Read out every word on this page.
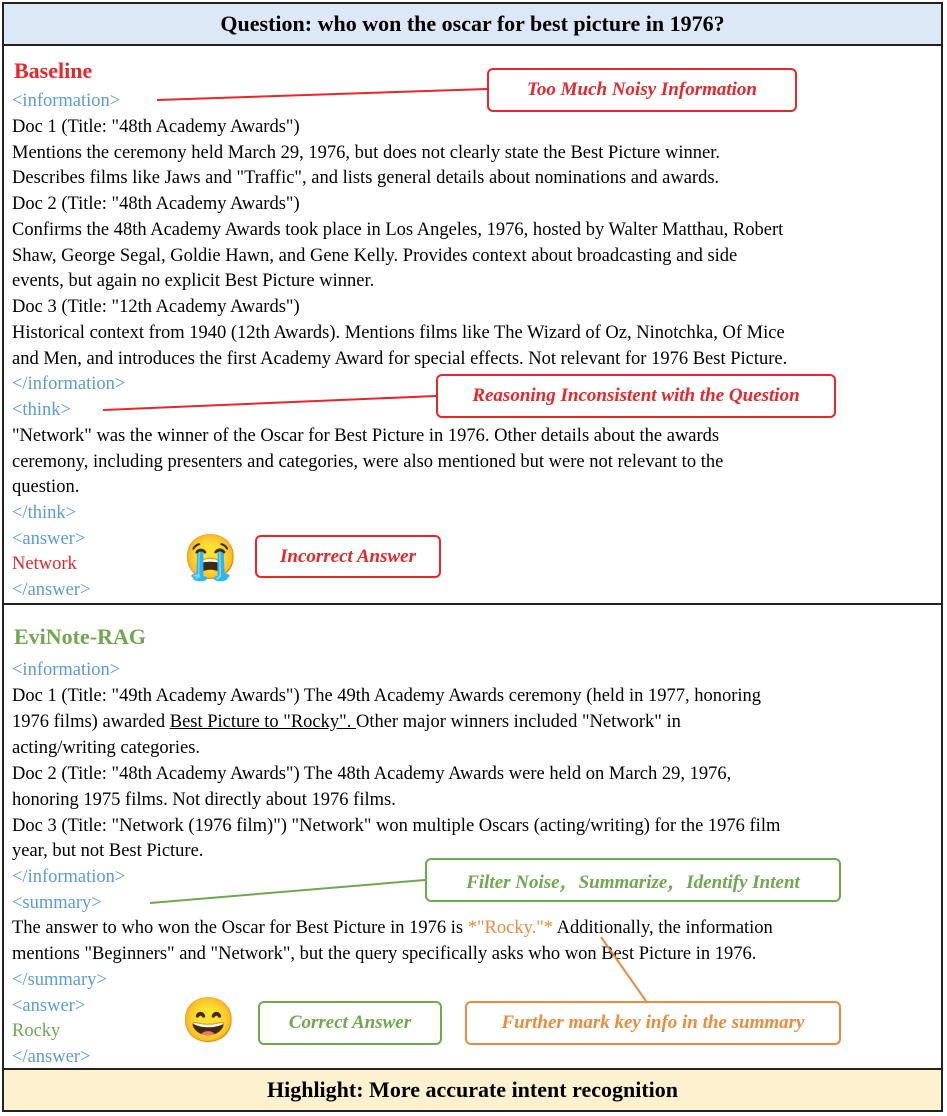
Question: who won the oscar for best picture in 1976?
Baseline
<information>
Doc 1 (Title: "48th Academy Awards")
Mentions the ceremony held March 29, 1976, but does not clearly state the Best Picture winner.
Describes films like Jaws and "Traffic", and lists general details about nominations and awards.
Doc 2 (Title: "48th Academy Awards")
Confirms the 48th Academy Awards took place in Los Angeles, 1976, hosted by Walter Matthau, Robert
Shaw, George Segal, Goldie Hawn, and Gene Kelly. Provides context about broadcasting and side
events, but again no explicit Best Picture winner.
Doc 3 (Title: "12th Academy Awards")
Historical context from 1940 (12th Awards). Mentions films like The Wizard of Oz, Ninotchka, Of Mice
and Men, and introduces the first Academy Award for special effects. Not relevant for 1976 Best Picture.
</information>
<think>
"Network" was the winner of the Oscar for Best Picture in 1976. Other details about the awards
ceremony, including presenters and categories, were also mentioned but were not relevant to the
question.
</think>
<answer>
Network
</answer>
Too Much Noisy Information
Reasoning Inconsistent with the Question
Incorrect Answer
😭
EviNote-RAG
<information>
Doc 1 (Title: "49th Academy Awards") The 49th Academy Awards ceremony (held in 1977, honoring
1976 films) awarded Best Picture to "Rocky". Other major winners included "Network" in
acting/writing categories.
Doc 2 (Title: "48th Academy Awards") The 48th Academy Awards were held on March 29, 1976,
honoring 1975 films. Not directly about 1976 films.
Doc 3 (Title: "Network (1976 film)") "Network" won multiple Oscars (acting/writing) for the 1976 film
year, but not Best Picture.
</information>
<summary>
The answer to who won the Oscar for Best Picture in 1976 is *"Rocky."* Additionally, the information
mentions "Beginners" and "Network", but the query specifically asks who won Best Picture in 1976.
</summary>
<answer>
Rocky
</answer>
Filter Noise，Summarize，Identify Intent
Correct Answer	Further mark key info in the summary
😄
Highlight: More accurate intent recognition
